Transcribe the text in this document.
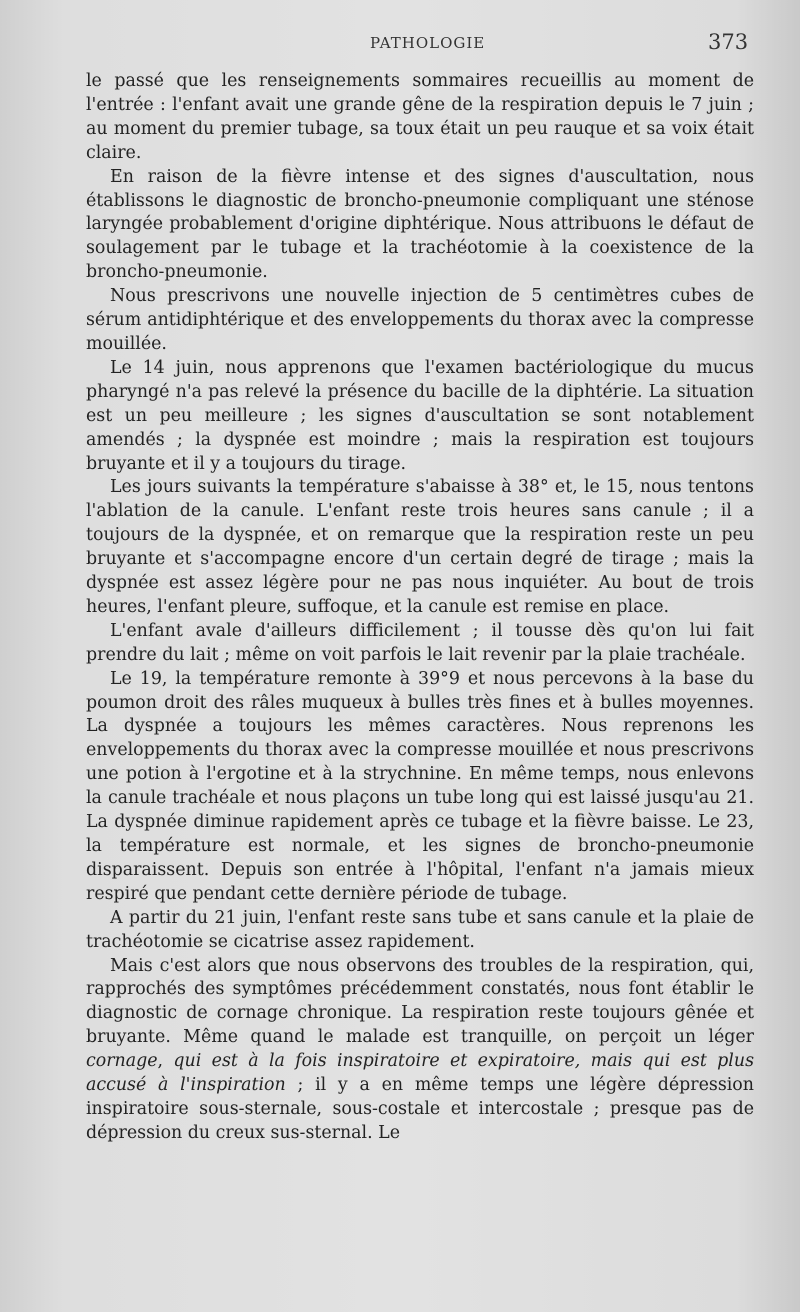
PATHOLOGIE	373

le passé que les renseignements sommaires recueillis au moment de l'entrée : l'enfant avait une grande gêne de la respiration depuis le 7 juin ; au moment du premier tubage, sa toux était un peu rauque et sa voix était claire.

En raison de la fièvre intense et des signes d'auscultation, nous établissons le diagnostic de broncho-pneumonie compliquant une sténose laryngée probablement d'origine diphtérique. Nous attribuons le défaut de soulagement par le tubage et la trachéotomie à la coexistence de la broncho-pneumonie.

Nous prescrivons une nouvelle injection de 5 centimètres cubes de sérum antidiphtérique et des enveloppements du thorax avec la compresse mouillée.

Le 14 juin, nous apprenons que l'examen bactériologique du mucus pharyngé n'a pas relevé la présence du bacille de la diphtérie. La situation est un peu meilleure ; les signes d'auscultation se sont notablement amendés ; la dyspnée est moindre ; mais la respiration est toujours bruyante et il y a toujours du tirage.

Les jours suivants la température s'abaisse à 38° et, le 15, nous tentons l'ablation de la canule. L'enfant reste trois heures sans canule ; il a toujours de la dyspnée, et on remarque que la respiration reste un peu bruyante et s'accompagne encore d'un certain degré de tirage ; mais la dyspnée est assez légère pour ne pas nous inquiéter. Au bout de trois heures, l'enfant pleure, suffoque, et la canule est remise en place.

L'enfant avale d'ailleurs difficilement ; il tousse dès qu'on lui fait prendre du lait ; même on voit parfois le lait revenir par la plaie trachéale.

Le 19, la température remonte à 39°9 et nous percevons à la base du poumon droit des râles muqueux à bulles très fines et à bulles moyennes. La dyspnée a toujours les mêmes caractères. Nous reprenons les enveloppements du thorax avec la compresse mouillée et nous prescrivons une potion à l'ergotine et à la strychnine. En même temps, nous enlevons la canule trachéale et nous plaçons un tube long qui est laissé jusqu'au 21. La dyspnée diminue rapidement après ce tubage et la fièvre baisse. Le 23, la température est normale, et les signes de broncho-pneumonie disparaissent. Depuis son entrée à l'hôpital, l'enfant n'a jamais mieux respiré que pendant cette dernière période de tubage.

A partir du 21 juin, l'enfant reste sans tube et sans canule et la plaie de trachéotomie se cicatrise assez rapidement.

Mais c'est alors que nous observons des troubles de la respiration, qui, rapprochés des symptômes précédemment constatés, nous font établir le diagnostic de cornage chronique. La respiration reste toujours gênée et bruyante. Même quand le malade est tranquille, on perçoit un léger cornage, qui est à la fois inspiratoire et expiratoire, mais qui est plus accusé à l'inspiration ; il y a en même temps une légère dépression inspiratoire sous-sternale, sous-costale et intercostale ; presque pas de dépression du creux sus-sternal. Le
